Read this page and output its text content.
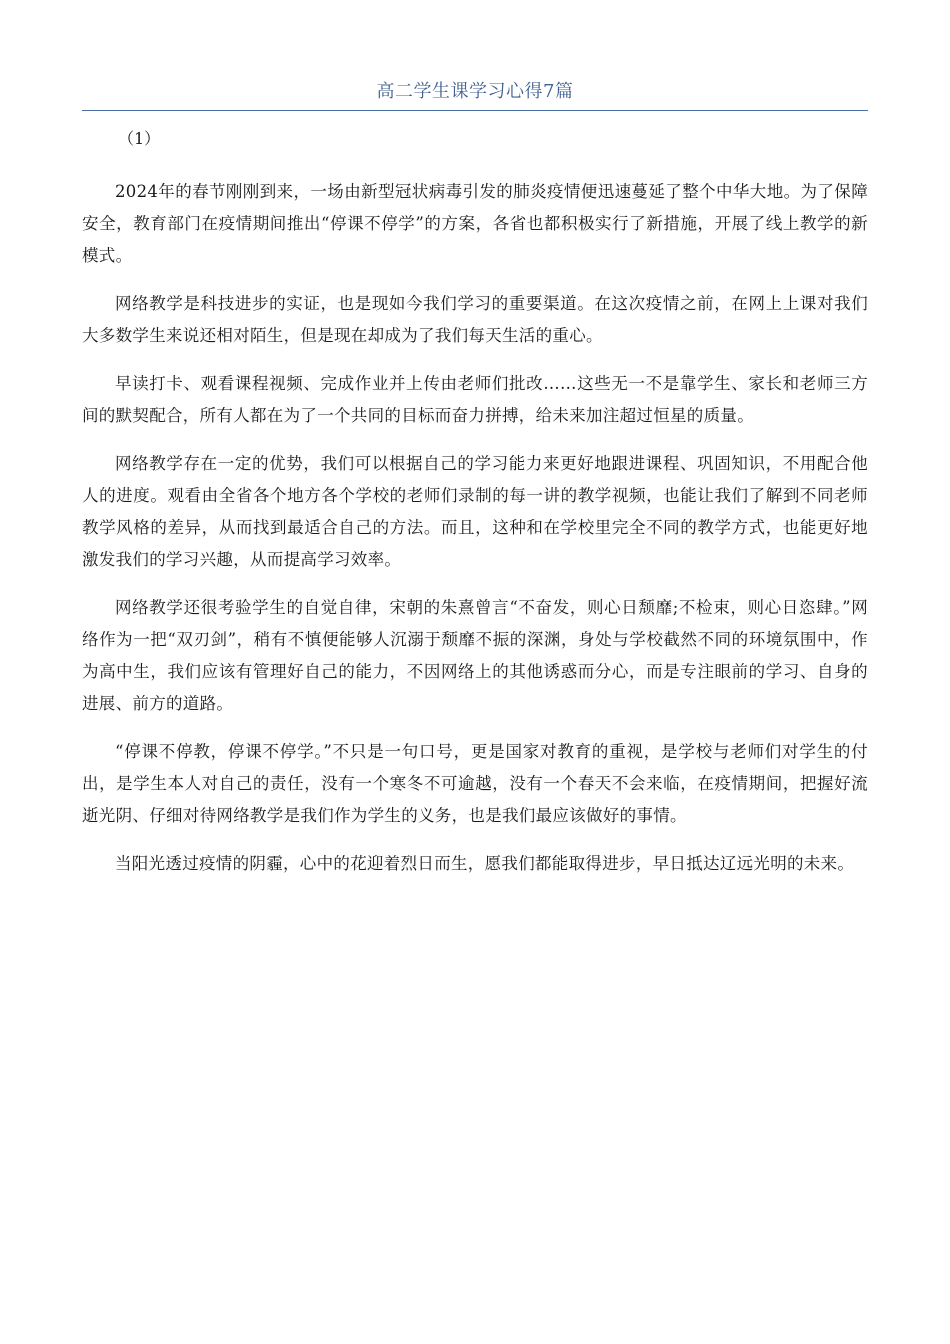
高二学生课学习心得7篇
（1）

2024年的春节刚刚到来，一场由新型冠状病毒引发的肺炎疫情便迅速蔓延了整个中华大地。为了保障安全，教育部门在疫情期间推出“停课不停学”的方案，各省也都积极实行了新措施，开展了线上教学的新模式。

网络教学是科技进步的实证，也是现如今我们学习的重要渠道。在这次疫情之前，在网上上课对我们大多数学生来说还相对陌生，但是现在却成为了我们每天生活的重心。

早读打卡、观看课程视频、完成作业并上传由老师们批改……这些无一不是靠学生、家长和老师三方间的默契配合，所有人都在为了一个共同的目标而奋力拼搏，给未来加注超过恒星的质量。

网络教学存在一定的优势，我们可以根据自己的学习能力来更好地跟进课程、巩固知识，不用配合他人的进度。观看由全省各个地方各个学校的老师们录制的每一讲的教学视频，也能让我们了解到不同老师教学风格的差异，从而找到最适合自己的方法。而且，这种和在学校里完全不同的教学方式，也能更好地激发我们的学习兴趣，从而提高学习效率。

网络教学还很考验学生的自觉自律，宋朝的朱熹曾言“不奋发，则心日颓靡;不检束，则心日恣肆。”网络作为一把“双刃剑”，稍有不慎便能够人沉溺于颓靡不振的深渊，身处与学校截然不同的环境氛围中，作为高中生，我们应该有管理好自己的能力，不因网络上的其他诱惑而分心，而是专注眼前的学习、自身的进展、前方的道路。

“停课不停教，停课不停学。”不只是一句口号，更是国家对教育的重视，是学校与老师们对学生的付出，是学生本人对自己的责任，没有一个寒冬不可逾越，没有一个春天不会来临，在疫情期间，把握好流逝光阴、仔细对待网络教学是我们作为学生的义务，也是我们最应该做好的事情。

当阳光透过疫情的阴霾，心中的花迎着烈日而生，愿我们都能取得进步，早日抵达辽远光明的未来。
